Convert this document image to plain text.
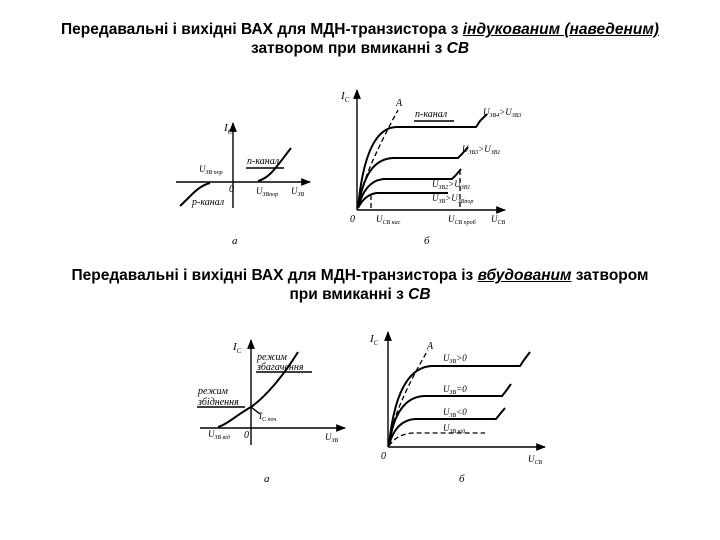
Передавальні і вихідні ВАХ для МДН-транзистора з індукованим (наведеним)
затвором при вмиканні з СВ
Передавальні і вихідні ВАХ для МДН-транзистора із вбудованим затвором
при вмиканні з СВ
$I_С$
n-канал
$U_{ЗВ пор}$
0 $U_{ЗВпор}$ $U_{ЗВ}$
p-канал
а
$I_С$	A
n-канал	$U_{ЗВ4}>U_{ЗВ3}$
$U_{ЗВ3}>U_{ЗВ1}$
$U_{ЗВ2}>U_{ЗВ1}$
$U_{ЗВ}>U_{ЗВпор}$
0 $U_{СВ нас}$	$U_{СВ проб}$ $U_{СВ}$
б
$I_С$
режим
збагачення
режим
збіднення
$I_{С поч}$
$U_{ЗВ від}$ 0	$U_{ЗВ}$
а
$I_С$	A
$U_{ЗВ}>0$
$U_{ЗВ}=0$
$U_{ЗВ}<0$
$U_{ЗВ від}$
0	$U_{СВ}$
б
